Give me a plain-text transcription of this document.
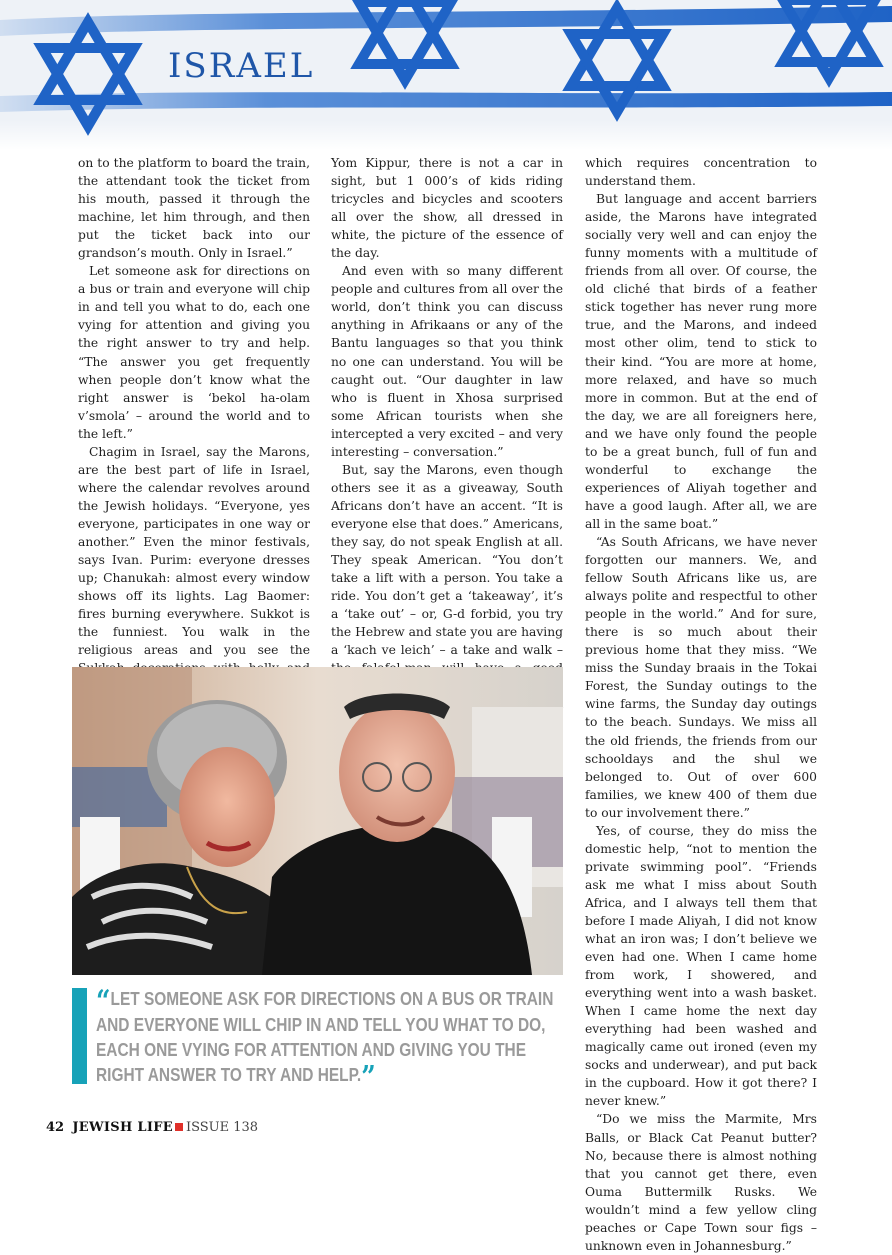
ISRAEL

on to the platform to board the train, the attendant took the ticket from his mouth, passed it through the machine, let him through, and then put the ticket back into our grandson’s mouth. Only in Israel.”

Let someone ask for directions on a bus or train and everyone will chip in and tell you what to do, each one vying for attention and giving you the right answer to try and help. “The answer you get frequently when people don’t know what the right answer is ‘bekol ha-olam v’smola’ – around the world and to the left.”

Chagim in Israel, say the Marons, are the best part of life in Israel, where the calendar revolves around the Jewish holidays. “Everyone, yes everyone, participates in one way or another.” Even the minor festivals, says Ivan. Purim: everyone dresses up; Chanukah: almost every window shows off its lights. Lag Baomer: fires burning everywhere. Sukkot is the funniest. You walk in the religious areas and you see the

Yom Kippur, there is not a car in sight, but 1 000’s of kids riding tricycles and bicycles and scooters all over the show, all dressed in white, the picture of the essence of the day.

And even with so many different people and cultures from all over the world, don’t think you can discuss anything in Afrikaans or any of the Bantu languages so that you think no one can understand. You will be caught out. “Our daughter in law who is fluent in Xhosa surprised some African tourists when she intercepted a very excited – and very interesting – conversation.”

But, say the Marons, even though others see it as a giveaway, South Africans don’t have an accent. “It is everyone else that does.” Americans, they say, do not speak English at all. They speak American. “You don’t take a lift with a person. You take a ride. You don’t get a ‘takeaway’, it’s a ‘take out’ – or, G-d forbid, you try the Hebrew and state you are having a ‘kach ve leich’ – a take and walk –

which requires concentration to understand them.

But language and accent barriers aside, the Marons have integrated socially very well and can enjoy the funny moments with a multitude of friends from all over. Of course, the old cliché that birds of a feather stick together has never rung more true, and the Marons, and indeed most other olim, tend to stick to their kind. “You are more at home, more relaxed, and have so much more in common. But at the end of the day, we are all foreigners here, and we have only found the people to be a great bunch, full of fun and wonderful to exchange the experiences of Aliyah together and have a good laugh. After all, we are all in the same boat.”

“As South Africans, we have never forgotten our manners. We, and fellow South Africans like us, are always polite and respectful to other people in the world.” And for sure, there is so much about their previous home that they miss. “We miss the Sunday braais in the Tokai Forest, the Sunday outings to the wine farms, the Sunday day outings to the beach. Sundays. We miss all the old friends, the friends from our schooldays and the shul we belonged to. Out of over 600 families, we knew 400 of them due to our involvement there.”

Yes, of course, they do miss the domestic help, “not to mention the private swimming pool”. “Friends ask me what I miss about South Africa, and I always tell them that before I made Aliyah, I did not know what an iron was; I don’t believe we even had one. When I came home from work, I showered, and everything went into a wash basket. When I came home the next day everything had been washed and magically came out ironed (even my socks and underwear), and put back in the cupboard. How it got there? I never knew.”

“Do we miss the Marmite, Mrs Balls, or Black Cat Peanut butter? No, because there is almost nothing that you cannot get there, even Ouma Buttermilk Rusks. We wouldn’t mind a few yellow cling peaches or Cape Town sour figs – unknown even in Johannesburg.”

“LET SOMEONE ASK FOR DIRECTIONS ON A BUS OR TRAIN AND EVERYONE WILL CHIP IN AND TELL YOU WHAT TO DO, EACH ONE VYING FOR ATTENTION AND GIVING YOU THE RIGHT ANSWER TO TRY AND HELP.”
42 JEWISH LIFE ISSUE 138
